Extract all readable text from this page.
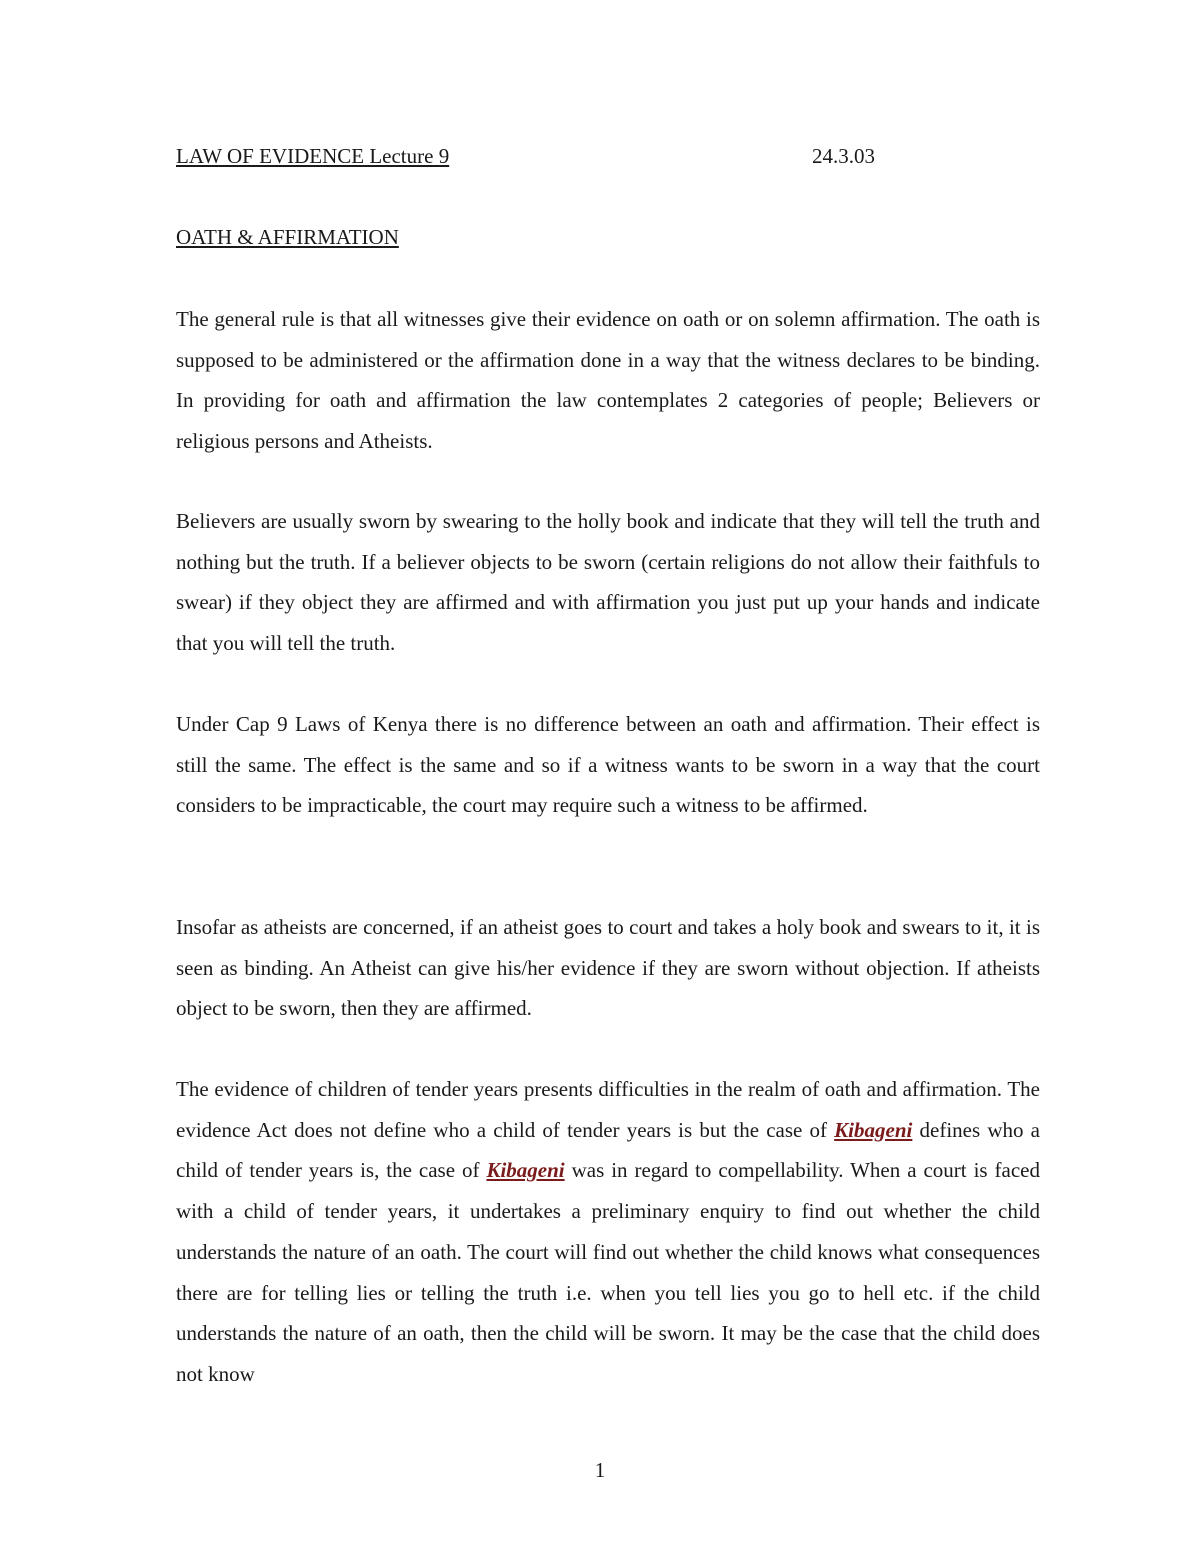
LAW OF EVIDENCE Lecture 9	24.3.03
OATH & AFFIRMATION

The general rule is that all witnesses give their evidence on oath or on solemn affirmation. The oath is supposed to be administered or the affirmation done in a way that the witness declares to be binding. In providing for oath and affirmation the law contemplates 2 categories of people; Believers or religious persons and Atheists.

Believers are usually sworn by swearing to the holly book and indicate that they will tell the truth and nothing but the truth. If a believer objects to be sworn (certain religions do not allow their faithfuls to swear) if they object they are affirmed and with affirmation you just put up your hands and indicate that you will tell the truth.

Under Cap 9 Laws of Kenya there is no difference between an oath and affirmation. Their effect is still the same. The effect is the same and so if a witness wants to be sworn in a way that the court considers to be impracticable, the court may require such a witness to be affirmed.

Insofar as atheists are concerned, if an atheist goes to court and takes a holy book and swears to it, it is seen as binding. An Atheist can give his/her evidence if they are sworn without objection. If atheists object to be sworn, then they are affirmed.

The evidence of children of tender years presents difficulties in the realm of oath and affirmation. The evidence Act does not define who a child of tender years is but the case of Kibageni defines who a child of tender years is, the case of Kibageni was in regard to compellability. When a court is faced with a child of tender years, it undertakes a preliminary enquiry to find out whether the child understands the nature of an oath. The court will find out whether the child knows what consequences there are for telling lies or telling the truth i.e. when you tell lies you go to hell etc. if the child understands the nature of an oath, then the child will be sworn. It may be the case that the child does not know

1
